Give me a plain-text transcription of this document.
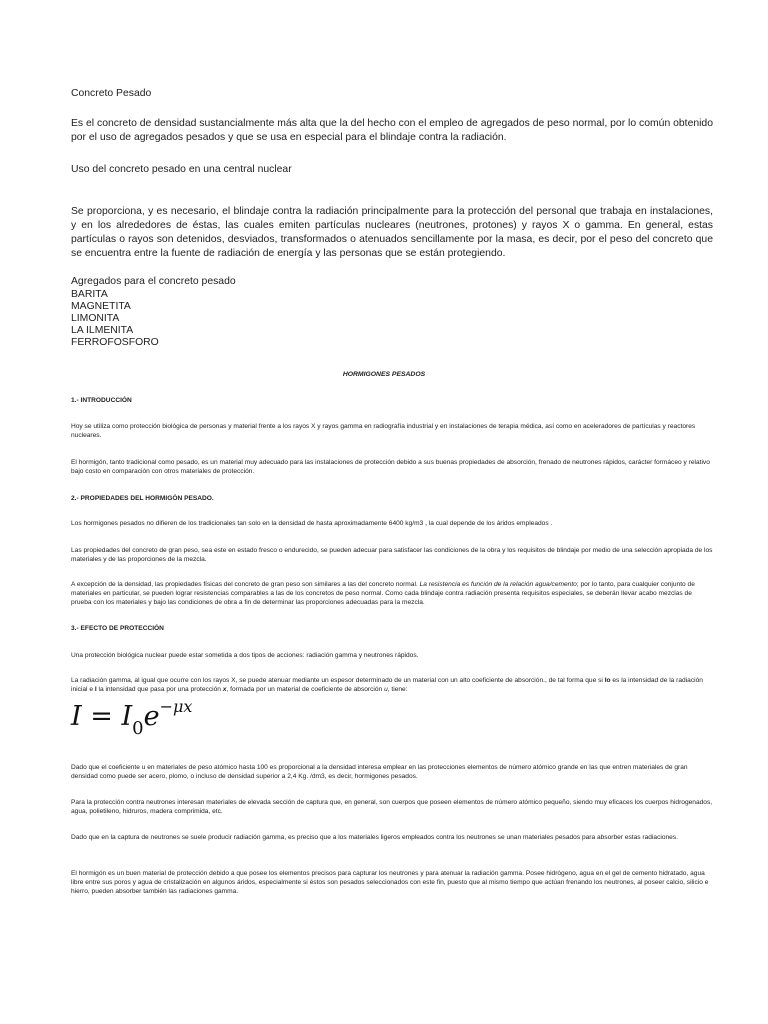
Concreto Pesado

Es el concreto de densidad sustancialmente más alta que la del hecho con el empleo de agregados de peso normal, por lo común obtenido por el uso de agregados pesados y que se usa en especial para el blindaje contra la radiación.

Uso del concreto pesado en una central nuclear

Se proporciona, y es necesario, el blindaje contra la radiación principalmente para la protección del personal que trabaja en instalaciones, y en los alrededores de éstas, las cuales emiten partículas nucleares (neutrones, protones) y rayos X o gamma. En general, estas partículas o rayos son detenidos, desviados, transformados o atenuados sencillamente por la masa, es decir, por el peso del concreto que se encuentra entre la fuente de radiación de energía y las personas que se están protegiendo.

Agregados para el concreto pesado

BARITA
MAGNETITA
LIMONITA
LA ILMENITA
FERROFOSFORO

HORMIGONES PESADOS

1.- INTRODUCCIÓN

Hoy se utiliza como protección biológica de personas y material frente a los rayos X y rayos gamma en radiografía industrial y en instalaciones de terapia médica, así como en aceleradores de partículas y reactores nucleares.

El hormigón, tanto tradicional como pesado, es un material muy adecuado para las instalaciones de protección debido a sus buenas propiedades de absorción, frenado de neutrones rápidos, carácter formáceo y relativo bajo costo en comparación con otros materiales de protección.

2.- PROPIEDADES DEL HORMIGÓN PESADO.

Los hormigones pesados no difieren de los tradicionales tan solo en la densidad de hasta aproximadamente 6400 kg/m3 , la cual depende de los áridos empleados .

Las propiedades del concreto de gran peso, sea este en estado fresco o endurecido, se pueden adecuar para satisfacer las condiciones de la obra y los requisitos de blindaje por medio de una selección apropiada de los materiales y de las proporciones de la mezcla.

A excepción de la densidad, las propiedades físicas del concreto de gran peso son similares a las del concreto normal. La resistencia es función de la relación agua/cemento; por lo tanto, para cualquier conjunto de materiales en particular, se pueden lograr resistencias comparables a las de los concretos de peso normal. Como cada blindaje contra radiación presenta requisitos especiales, se deberán llevar acabo mezclas de prueba con los materiales y bajo las condiciones de obra a fin de determinar las proporciones adecuadas para la mezcla.

3.- EFECTO DE PROTECCIÓN

Una protección biológica nuclear puede estar sometida a dos tipos de acciones: radiación gamma y neutrones rápidos.

La radiación gamma, al igual que ocurre con los rayos X, se puede atenuar mediante un espesor determinado de un material con un alto coeficiente de absorción., de tal forma que si Io es la intensidad de la radiación inicial e I la intensidad que pasa por una protección x, formada por un material de coeficiente de absorción u, tiene:

I = I0e−μx

Dado que el coeficiente u en materiales de peso atómico hasta 100 es proporcional a la densidad interesa emplear en las protecciones elementos de número atómico grande en las que entren materiales de gran densidad como puede ser acero, plomo, o incluso de densidad superior a 2,4 Kg. /dm3, es decir, hormigones pesados.

Para la protección contra neutrones interesan materiales de elevada sección de captura que, en general, son cuerpos que poseen elementos de número atómico pequeño, siendo muy eficaces los cuerpos hidrogenados, agua, polietileno, hidruros, madera comprimida, etc.

Dado que en la captura de neutrones se suele producir radiación gamma, es preciso que a los materiales ligeros empleados contra los neutrones se unan materiales pesados para absorber estas radiaciones.

El hormigón es un buen material de protección debido a que posee los elementos precisos para capturar los neutrones y para atenuar la radiación gamma. Posee hidrógeno, agua en el gel de cemento hidratado, agua libre entre sus poros y agua de cristalización en algunos áridos, especialmente si éstos son pesados seleccionados con este fin, puesto que al mismo tiempo que actúan frenando los neutrones, al poseer calcio, silicio e hierro, pueden absorber también las radiaciones gamma.
